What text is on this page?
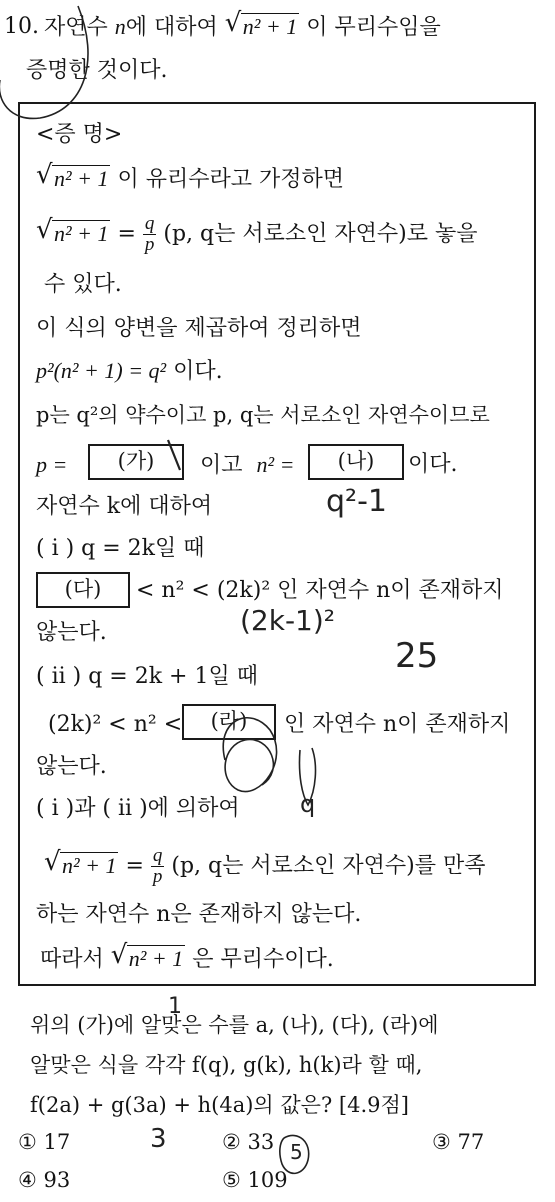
10. 자연수 n에 대하여 √ n² + 1 이 무리수임을
증명한 것이다.
<증 명>
√ n² + 1 이 유리수라고 가정하면
√ $n^2 + 1 = \frac{q}{p} (p$, q는 서로소인 자연수)로 놓을
수 있다.
이 식의 양변을 제곱하여 정리하면
p²(n² + 1) = q² 이다.
p는 q²의 약수이고 p, q는 서로소인 자연수이므로
p =	(가)	이고 n² =	(나)	이다.
자연수 k에 대하여
( i ) q = 2k일 때
(다)	< n² < (2k)² 인 자연수 n이 존재하지
않는다.
( ii ) q = 2k + 1일 때
(2k)² < n² <	(라)	인 자연수 n이 존재하지
않는다.
( i )과 ( ii )에 의하여
√ $n^2 + 1 = \frac{q}{p} (p$, q는 서로소인 자연수)를 만족
하는 자연수 n은 존재하지 않는다.
따라서 √ n² + 1 은 무리수이다.
위의 (가)에 알맞은 수를 a, (나), (다), (라)에
알맞은 식을 각각 f(q), g(k), h(k)라 할 때,
f(2a) + g(3a) + h(4a)의 값은? [4.9점]
① 17	② 33	③ 77
④ 93	⑤ 109
q²-1
(2k-1)²
25
q
1
3	5
